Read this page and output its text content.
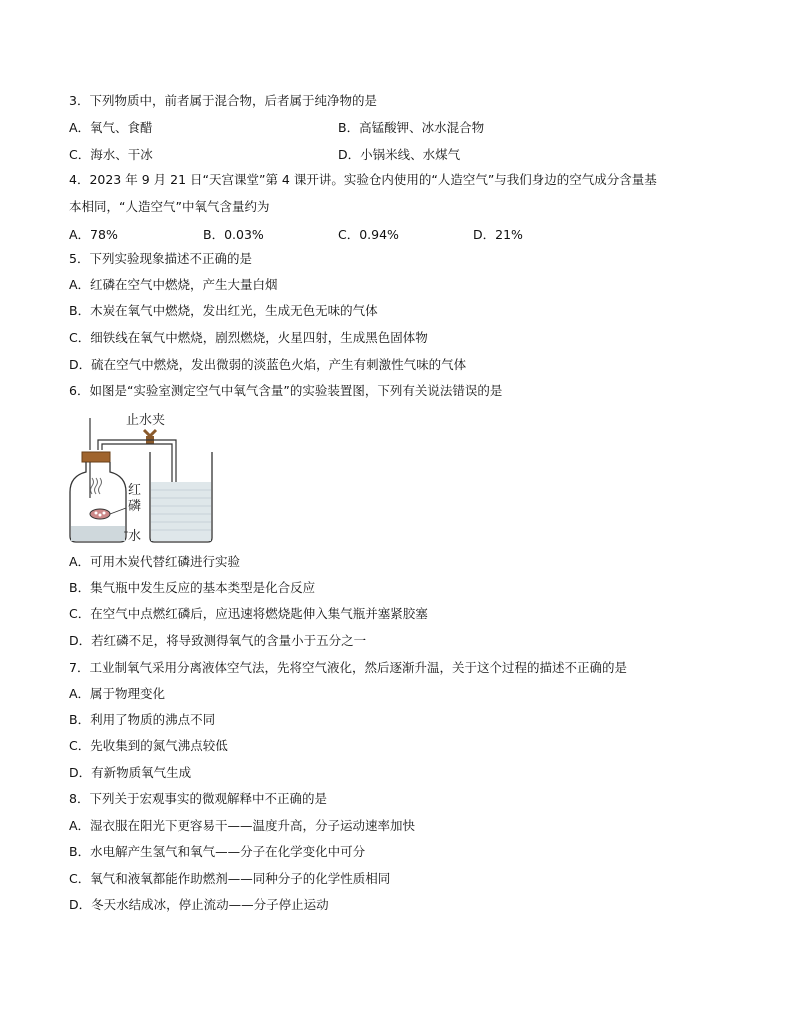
3．下列物质中，前者属于混合物，后者属于纯净物的是
A．氧气、食醋	B．高锰酸钾、冰水混合物
C．海水、干冰	D．小锅米线、水煤气
4．2023 年 9 月 21 日“天宫课堂”第 4 课开讲。实验仓内使用的“人造空气”与我们身边的空气成分含量基
本相同，“人造空气”中氧气含量约为
A．78%	B．0.03%	C．0.94%	D．21%
5．下列实验现象描述不正确的是
A．红磷在空气中燃烧，产生大量白烟
B．木炭在氧气中燃烧，发出红光，生成无色无味的气体
C．细铁线在氧气中燃烧，剧烈燃烧，火星四射，生成黑色固体物
D．硫在空气中燃烧，发出微弱的淡蓝色火焰，产生有刺激性气味的气体
6．如图是“实验室测定空气中氧气含量”的实验装置图，下列有关说法错误的是
止水夹
红
磷
水
A．可用木炭代替红磷进行实验
B．集气瓶中发生反应的基本类型是化合反应
C．在空气中点燃红磷后，应迅速将燃烧匙伸入集气瓶并塞紧胶塞
D．若红磷不足，将导致测得氧气的含量小于五分之一
7．工业制氧气采用分离液体空气法，先将空气液化，然后逐渐升温，关于这个过程的描述不正确的是
A．属于物理变化
B．利用了物质的沸点不同
C．先收集到的氮气沸点较低
D．有新物质氧气生成
8．下列关于宏观事实的微观解释中不正确的是
A．湿衣服在阳光下更容易干——温度升高，分子运动速率加快
B．水电解产生氢气和氧气——分子在化学变化中可分
C．氧气和液氧都能作助燃剂——同种分子的化学性质相同
D．冬天水结成冰，停止流动——分子停止运动
